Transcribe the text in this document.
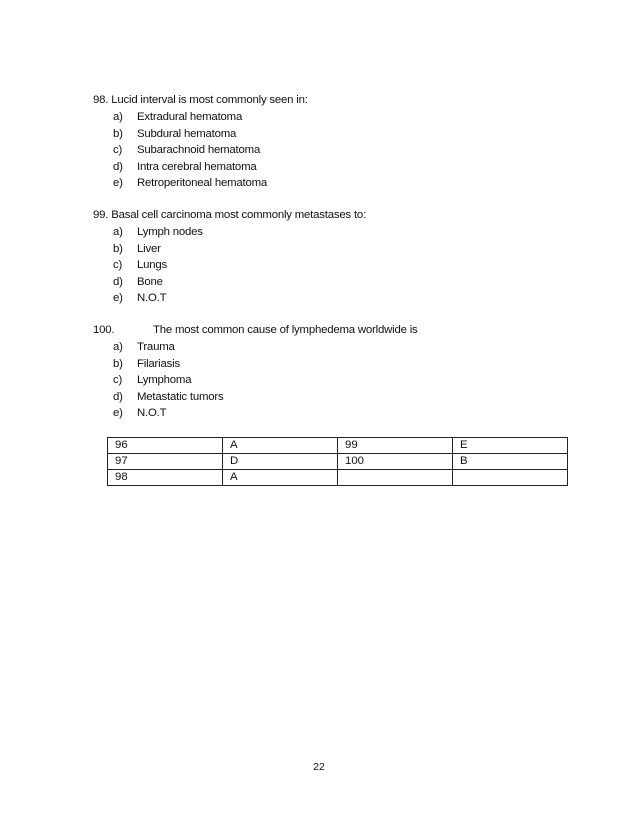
98. Lucid interval is most commonly seen in:
a)	Extradural hematoma
b)	Subdural hematoma
c)	Subarachnoid hematoma
d)	Intra cerebral hematoma
e)	Retroperitoneal hematoma
99. Basal cell carcinoma most commonly metastases to:
a)	Lymph nodes
b)	Liver
c)	Lungs
d)	Bone
e)	N.O.T
100.	The most common cause of lymphedema worldwide is
a)	Trauma
b)	Filariasis
c)	Lymphoma
d)	Metastatic tumors
e)	N.O.T
96	A	99	E
97	D	100	B
98	A		
22
